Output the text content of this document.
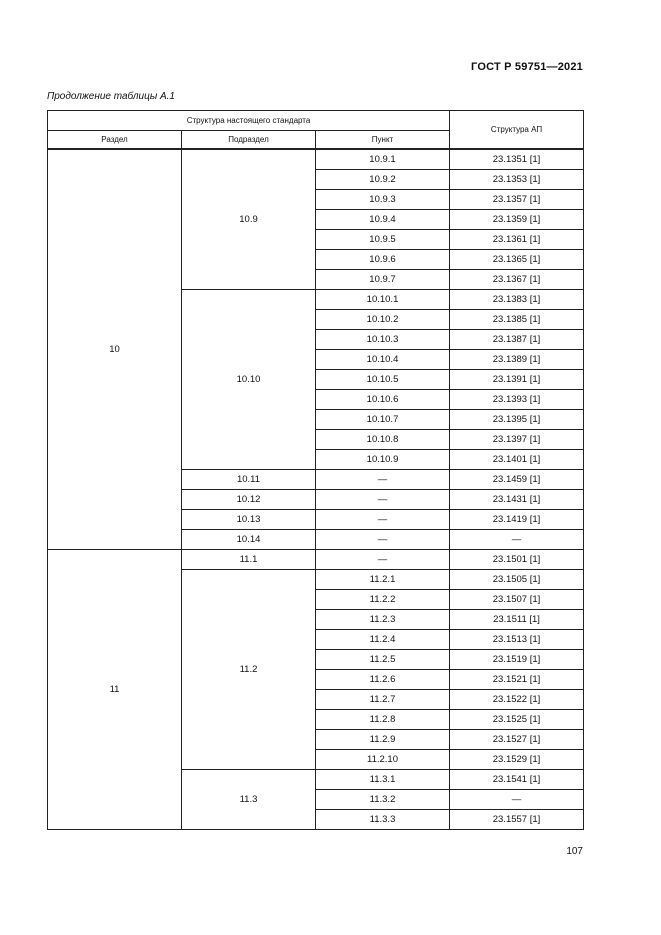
ГОСТ Р 59751—2021
Продолжение таблицы А.1
Структура настоящего стандарта			Структура АП
Раздел	Подраздел	Пункт	
10	10.9	10.9.1	23.1351 [1]
		10.9.2	23.1353 [1]
		10.9.3	23.1357 [1]
		10.9.4	23.1359 [1]
		10.9.5	23.1361 [1]
		10.9.6	23.1365 [1]
		10.9.7	23.1367 [1]
	10.10	10.10.1	23.1383 [1]
		10.10.2	23.1385 [1]
		10.10.3	23.1387 [1]
		10.10.4	23.1389 [1]
		10.10.5	23.1391 [1]
		10.10.6	23.1393 [1]
		10.10.7	23.1395 [1]
		10.10.8	23.1397 [1]
		10.10.9	23.1401 [1]
	10.11	—	23.1459 [1]
	10.12	—	23.1431 [1]
	10.13	—	23.1419 [1]
	10.14	—	—
11	11.1	—	23.1501 [1]
	11.2	11.2.1	23.1505 [1]
		11.2.2	23.1507 [1]
		11.2.3	23.1511 [1]
		11.2.4	23.1513 [1]
		11.2.5	23.1519 [1]
		11.2.6	23.1521 [1]
		11.2.7	23.1522 [1]
		11.2.8	23.1525 [1]
		11.2.9	23.1527 [1]
		11.2.10	23.1529 [1]
	11.3	11.3.1	23.1541 [1]
		11.3.2	—
		11.3.3	23.1557 [1]
107
